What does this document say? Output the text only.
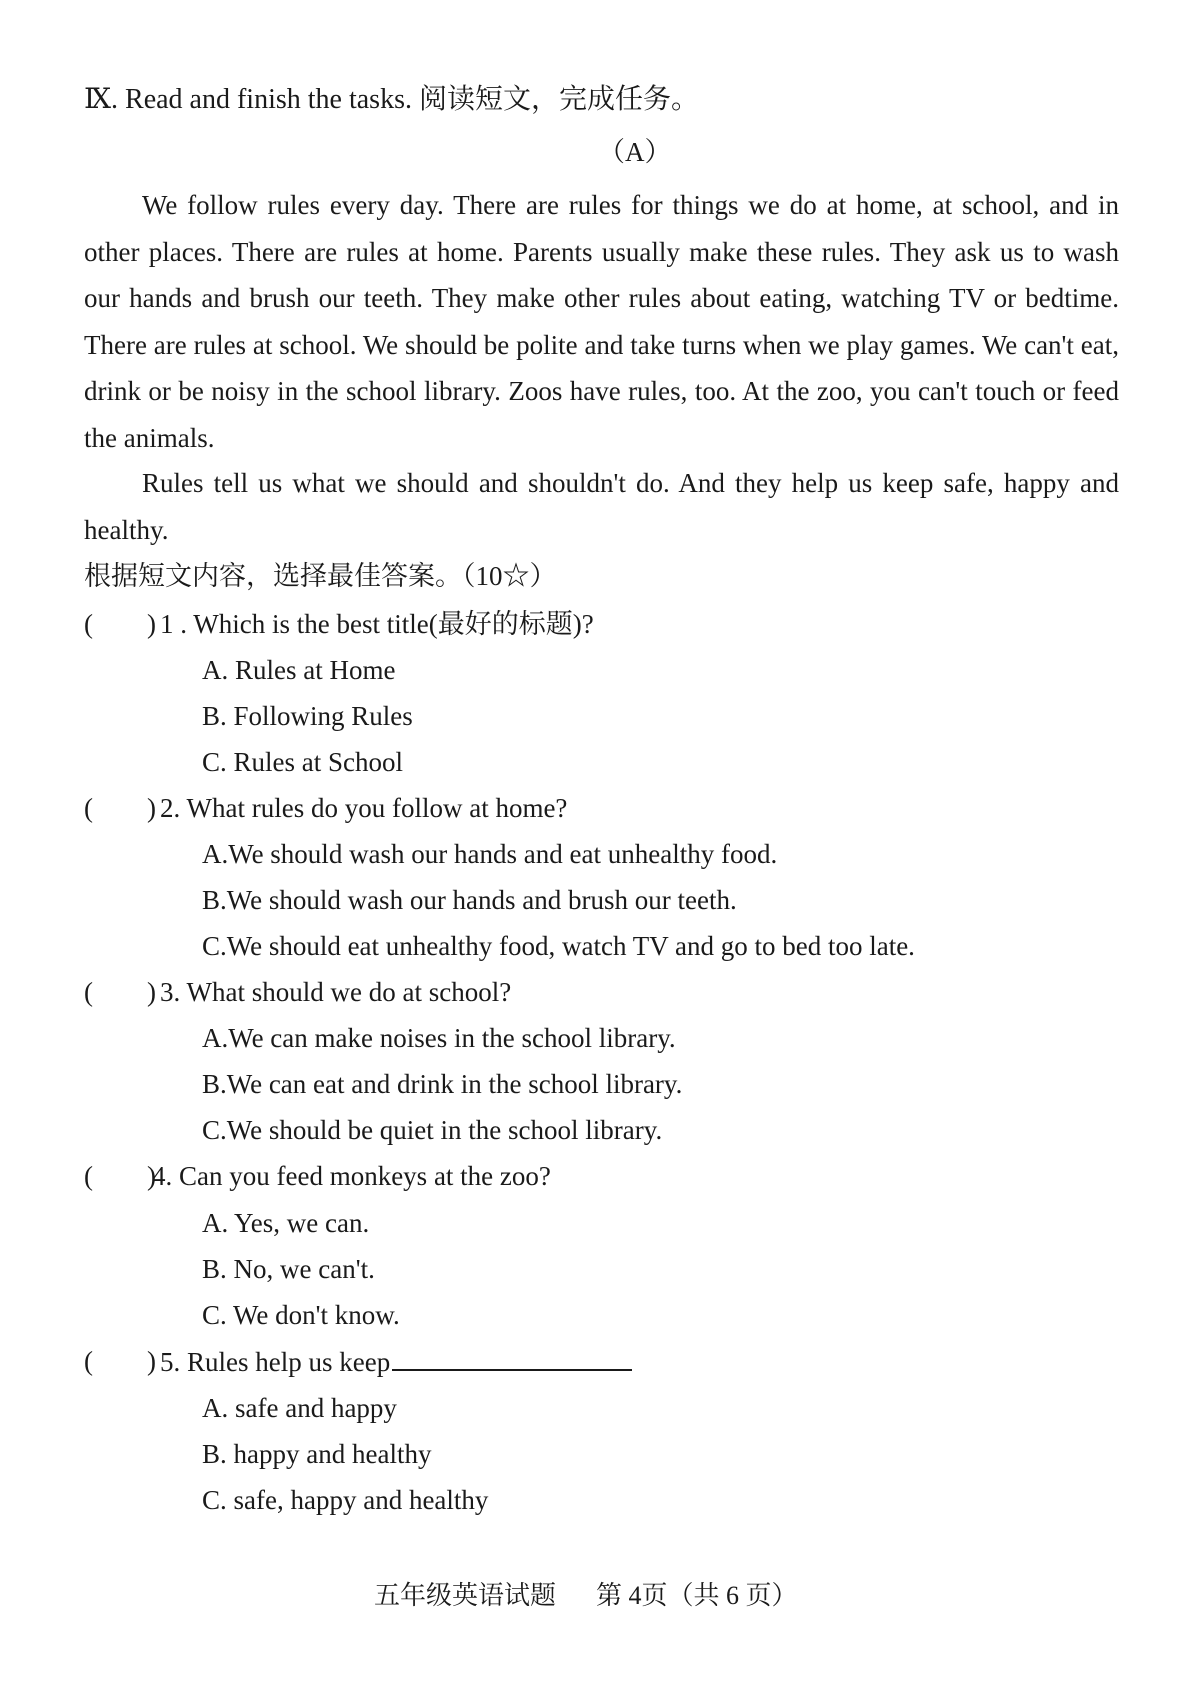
Ⅸ. Read and finish the tasks. 阅读短文，完成任务。
（A）

We follow rules every day. There are rules for things we do at home, at school, and in other places. There are rules at home. Parents usually make these rules. They ask us to wash our hands and brush our teeth. They make other rules about eating, watching TV or bedtime. There are rules at school. We should be polite and take turns when we play games. We can't eat, drink or be noisy in the school library. Zoos have rules, too. At the zoo, you can't touch or feed the animals.

Rules tell us what we should and shouldn't do. And they help us keep safe, happy and healthy.

根据短文内容，选择最佳答案。（10☆）
(　　) 1 . Which is the best title(最好的标题)?
A. Rules at Home
B. Following Rules
C. Rules at School
(　　) 2. What rules do you follow at home?
A.We should wash our hands and eat unhealthy food.
B.We should wash our hands and brush our teeth.
C.We should eat unhealthy food, watch TV and go to bed too late.
(　　) 3. What should we do at school?
A.We can make noises in the school library.
B.We can eat and drink in the school library.
C.We should be quiet in the school library.
(　　)
4. Can you feed monkeys at the zoo?
A. Yes, we can.
B. No, we can't.
C. We don't know.
(　　) 5. Rules help us keep
A. safe and happy
B. happy and healthy
C. safe, happy and healthy
五年级英语试题 第 4页（共 6 页）
